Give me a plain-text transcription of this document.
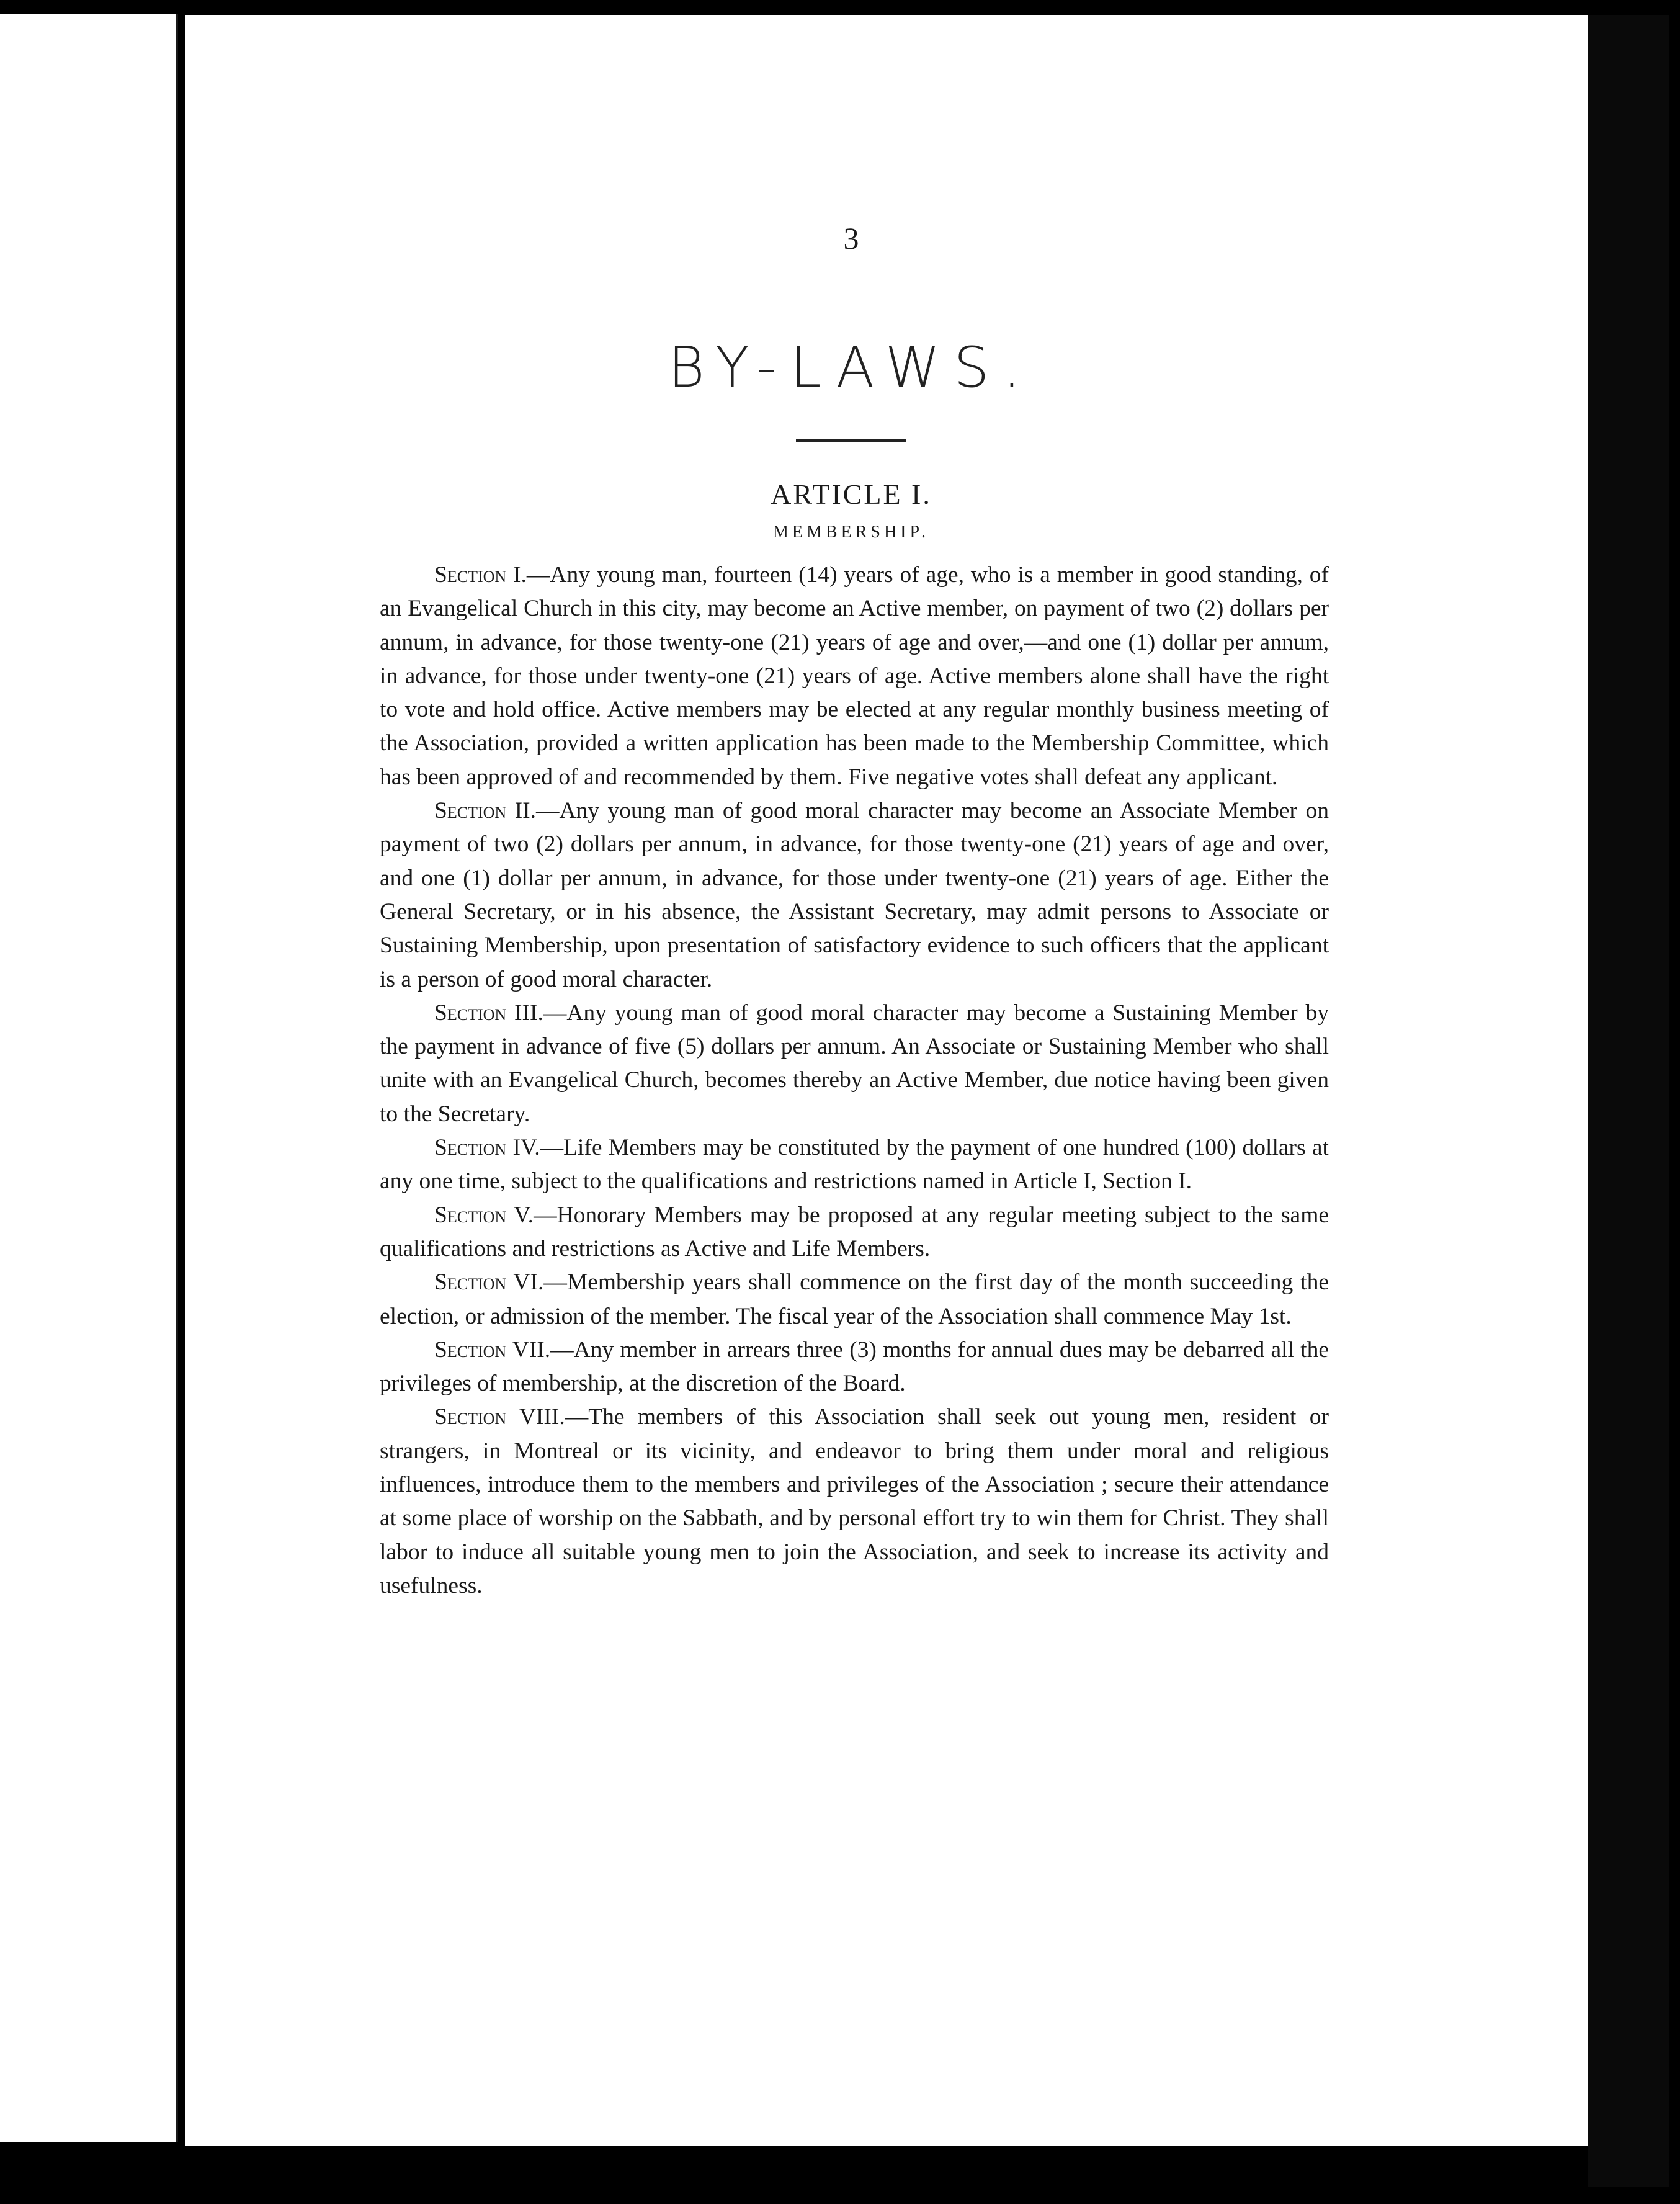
3
BY-LAWS.
ARTICLE I.
MEMBERSHIP.

Section I.—Any young man, fourteen (14) years of age, who is a member in good standing, of an Evangelical Church in this city, may become an Active member, on payment of two (2) dollars per annum, in advance, for those twenty-one (21) years of age and over,—and one (1) dollar per annum, in advance, for those under twenty-one (21) years of age. Active members alone shall have the right to vote and hold office. Active members may be elected at any regular monthly business meeting of the Association, provided a written application has been made to the Membership Committee, which has been approved of and recommended by them. Five negative votes shall defeat any applicant.

Section II.—Any young man of good moral character may become an Associate Member on payment of two (2) dollars per annum, in advance, for those twenty-one (21) years of age and over, and one (1) dollar per annum, in advance, for those under twenty-one (21) years of age. Either the General Secretary, or in his absence, the Assistant Secretary, may admit persons to Associate or Sustaining Membership, upon presentation of satisfactory evidence to such officers that the applicant is a person of good moral character.

Section III.—Any young man of good moral character may become a Sustaining Member by the payment in advance of five (5) dollars per annum. An Associate or Sustaining Member who shall unite with an Evangelical Church, becomes thereby an Active Member, due notice having been given to the Secretary.

Section IV.—Life Members may be constituted by the payment of one hundred (100) dollars at any one time, subject to the qualifications and restrictions named in Article I, Section I.

Section V.—Honorary Members may be proposed at any regular meeting subject to the same qualifications and restrictions as Active and Life Members.

Section VI.—Membership years shall commence on the first day of the month succeeding the election, or admission of the member. The fiscal year of the Association shall commence May 1st.

Section VII.—Any member in arrears three (3) months for annual dues may be debarred all the privileges of membership, at the discretion of the Board.

Section VIII.—The members of this Association shall seek out young men, resident or strangers, in Montreal or its vicinity, and endeavor to bring them under moral and religious influences, introduce them to the members and privileges of the Association ; secure their attendance at some place of worship on the Sabbath, and by personal effort try to win them for Christ. They shall labor to induce all suitable young men to join the Association, and seek to increase its activity and usefulness.
